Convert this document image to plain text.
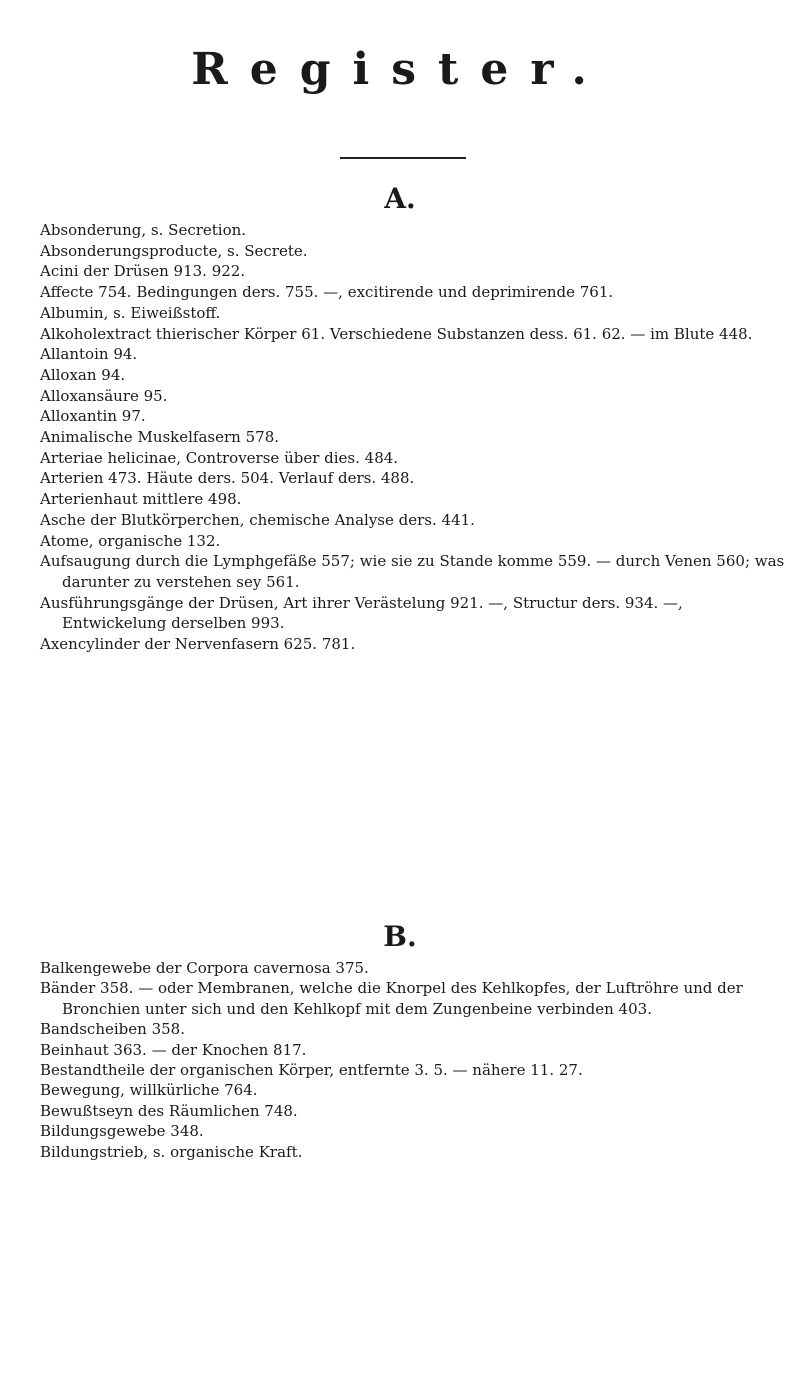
Register.
A.
Absonderung, s. Secretion.
Absonderungsproducte, s. Secrete.
Acini der Drüsen 913. 922.
Affecte 754. Bedingungen ders. 755. —, excitirende und deprimirende 761.
Albumin, s. Eiweißstoff.
Alkoholextract thierischer Körper 61. Verschiedene Substanzen dess. 61. 62. — im Blute 448.
Allantoin 94.
Alloxan 94.
Alloxansäure 95.
Alloxantin 97.
Animalische Muskelfasern 578.
Arteriae helicinae, Controverse über dies. 484.
Arterien 473. Häute ders. 504. Verlauf ders. 488.
Arterienhaut mittlere 498.
Asche der Blutkörperchen, chemische Analyse ders. 441.
Atome, organische 132.
Aufsaugung durch die Lymphgefäße 557; wie sie zu Stande komme 559. — durch Venen 560; was darunter zu verstehen sey 561.
Ausführungsgänge der Drüsen, Art ihrer Verästelung 921. —, Structur ders. 934. —, Entwickelung derselben 993.
Axencylinder der Nervenfasern 625. 781.
B.
Balkengewebe der Corpora cavernosa 375.
Bänder 358. — oder Membranen, welche die Knorpel des Kehlkopfes, der Luftröhre und der Bronchien unter sich und den Kehlkopf mit dem Zungenbeine verbinden 403.
Bandscheiben 358.
Beinhaut 363. — der Knochen 817.
Bestandtheile der organischen Körper, entfernte 3. 5. — nähere 11. 27.
Bewegung, willkürliche 764.
Bewußtseyn des Räumlichen 748.
Bildungsgewebe 348.
Bildungstrieb, s. organische Kraft.
